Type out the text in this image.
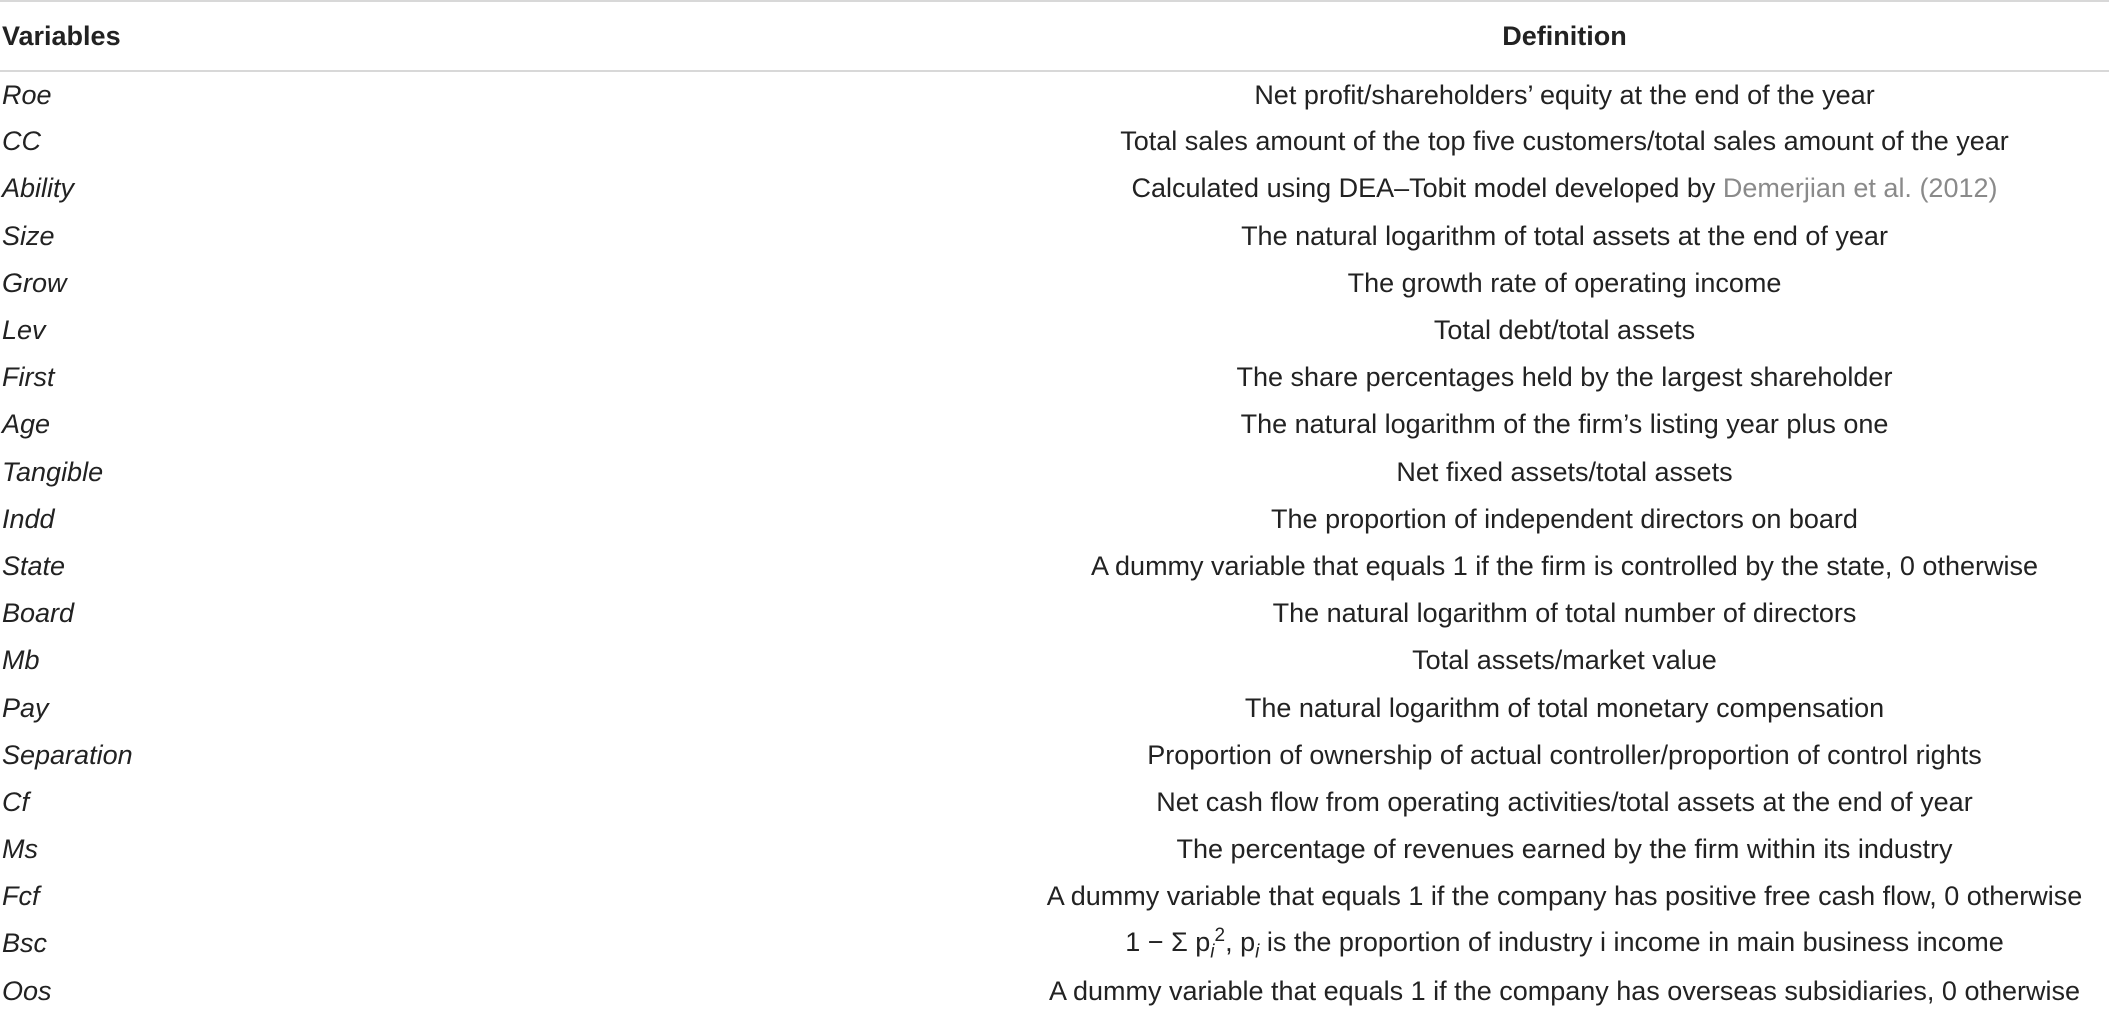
Variables	Definition
Roe	Net profit/shareholders’ equity at the end of the year
CC	Total sales amount of the top five customers/total sales amount of the year
Ability	Calculated using DEA–Tobit model developed by Demerjian et al. (2012)
Size	The natural logarithm of total assets at the end of year
Grow	The growth rate of operating income
Lev	Total debt/total assets
First	The share percentages held by the largest shareholder
Age	The natural logarithm of the firm’s listing year plus one
Tangible	Net fixed assets/total assets
Indd	The proportion of independent directors on board
State	A dummy variable that equals 1 if the firm is controlled by the state, 0 otherwise
Board	The natural logarithm of total number of directors
Mb	Total assets/market value
Pay	The natural logarithm of total monetary compensation
Separation	Proportion of ownership of actual controller/proportion of control rights
Cf	Net cash flow from operating activities/total assets at the end of year
Ms	The percentage of revenues earned by the firm within its industry
Fcf	A dummy variable that equals 1 if the company has positive free cash flow, 0 otherwise
Bsc	1 − Σ $p_i^2$, $p_i$ is the proportion of industry i income in main business income
Oos	A dummy variable that equals 1 if the company has overseas subsidiaries, 0 otherwise
